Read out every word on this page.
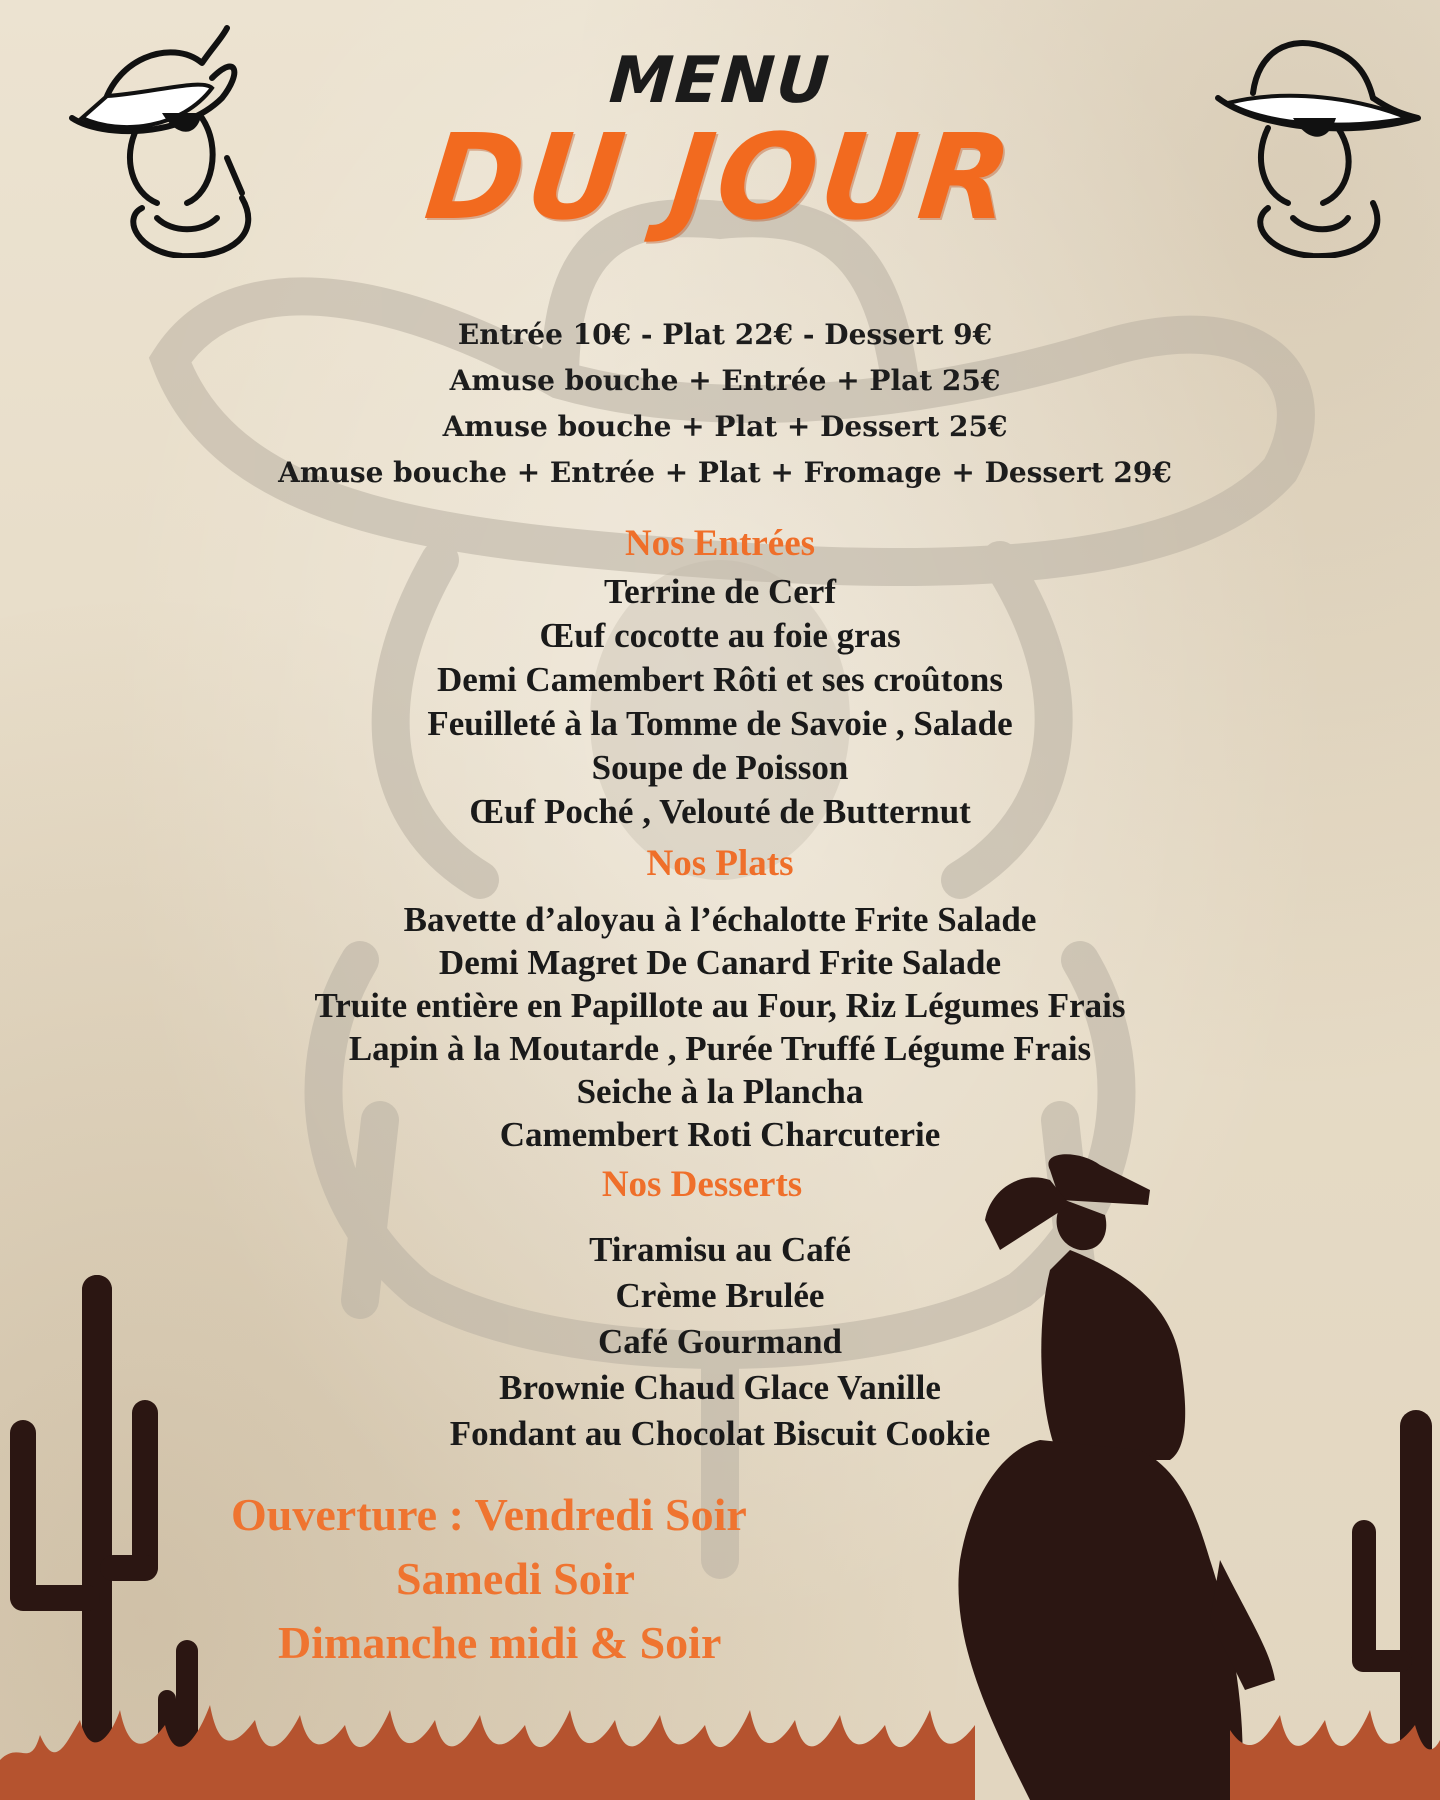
MENU
DU JOUR
Entrée 10€ - Plat 22€ - Dessert 9€
Amuse bouche + Entrée + Plat 25€
Amuse bouche + Plat + Dessert 25€
Amuse bouche + Entrée + Plat + Fromage + Dessert 29€
Nos Entrées
Terrine de Cerf
Œuf cocotte au foie gras
Demi Camembert Rôti et ses croûtons
Feuilleté à la Tomme de Savoie , Salade
Soupe de Poisson
Œuf Poché , Velouté de Butternut
Nos Plats
Bavette d’aloyau à l’échalotte Frite Salade
Demi Magret De Canard Frite Salade
Truite entière en Papillote au Four, Riz Légumes Frais
Lapin à la Moutarde , Purée Truffé Légume Frais
Seiche à la Plancha
Camembert Roti Charcuterie
Nos Desserts
Tiramisu au Café
Crème Brulée
Café Gourmand
Brownie Chaud Glace Vanille
Fondant au Chocolat Biscuit Cookie
Ouverture : Vendredi Soir
Samedi Soir
Dimanche midi & Soir
